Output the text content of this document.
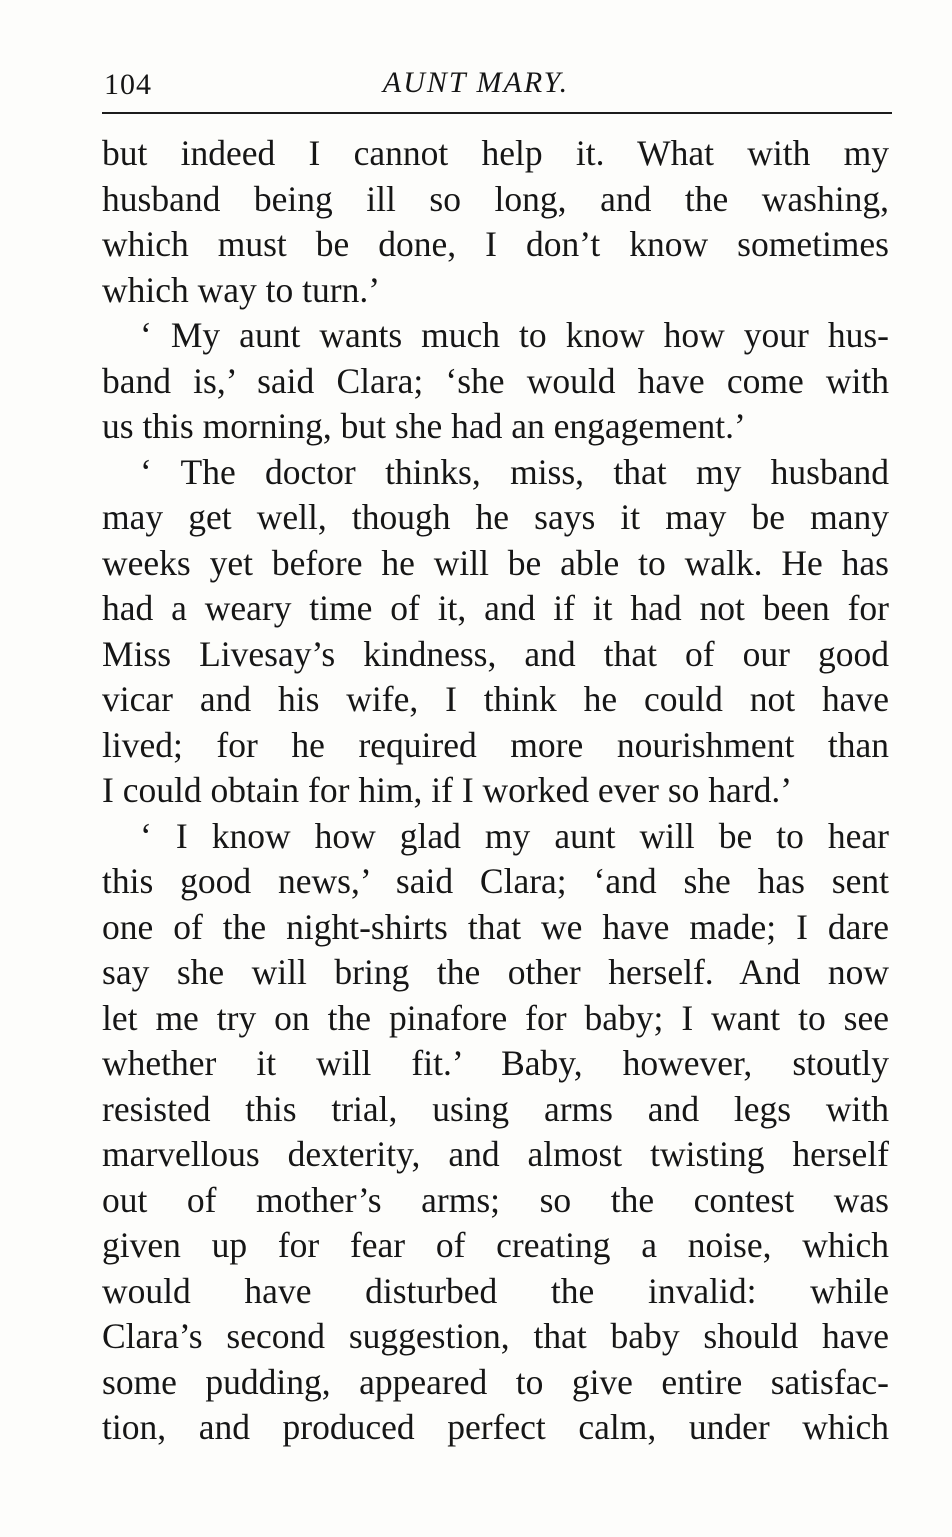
104	AUNT MARY.
but indeed I cannot help it. What with my
husband being ill so long, and the washing,
which must be done, I don’t know sometimes
which way to turn.’
‘ My aunt wants much to know how your hus-
band is,’ said Clara; ‘she would have come with
us this morning, but she had an engagement.’
‘ The doctor thinks, miss, that my husband
may get well, though he says it may be many
weeks yet before he will be able to walk. He has
had a weary time of it, and if it had not been for
Miss Livesay’s kindness, and that of our good
vicar and his wife, I think he could not have
lived; for he required more nourishment than
I could obtain for him, if I worked ever so hard.’
‘ I know how glad my aunt will be to hear
this good news,’ said Clara; ‘and she has sent
one of the night-shirts that we have made; I dare
say she will bring the other herself. And now
let me try on the pinafore for baby; I want to see
whether it will fit.’ Baby, however, stoutly
resisted this trial, using arms and legs with
marvellous dexterity, and almost twisting herself
out of mother’s arms; so the contest was
given up for fear of creating a noise, which
would have disturbed the invalid: while
Clara’s second suggestion, that baby should have
some pudding, appeared to give entire satisfac-
tion, and produced perfect calm, under which
